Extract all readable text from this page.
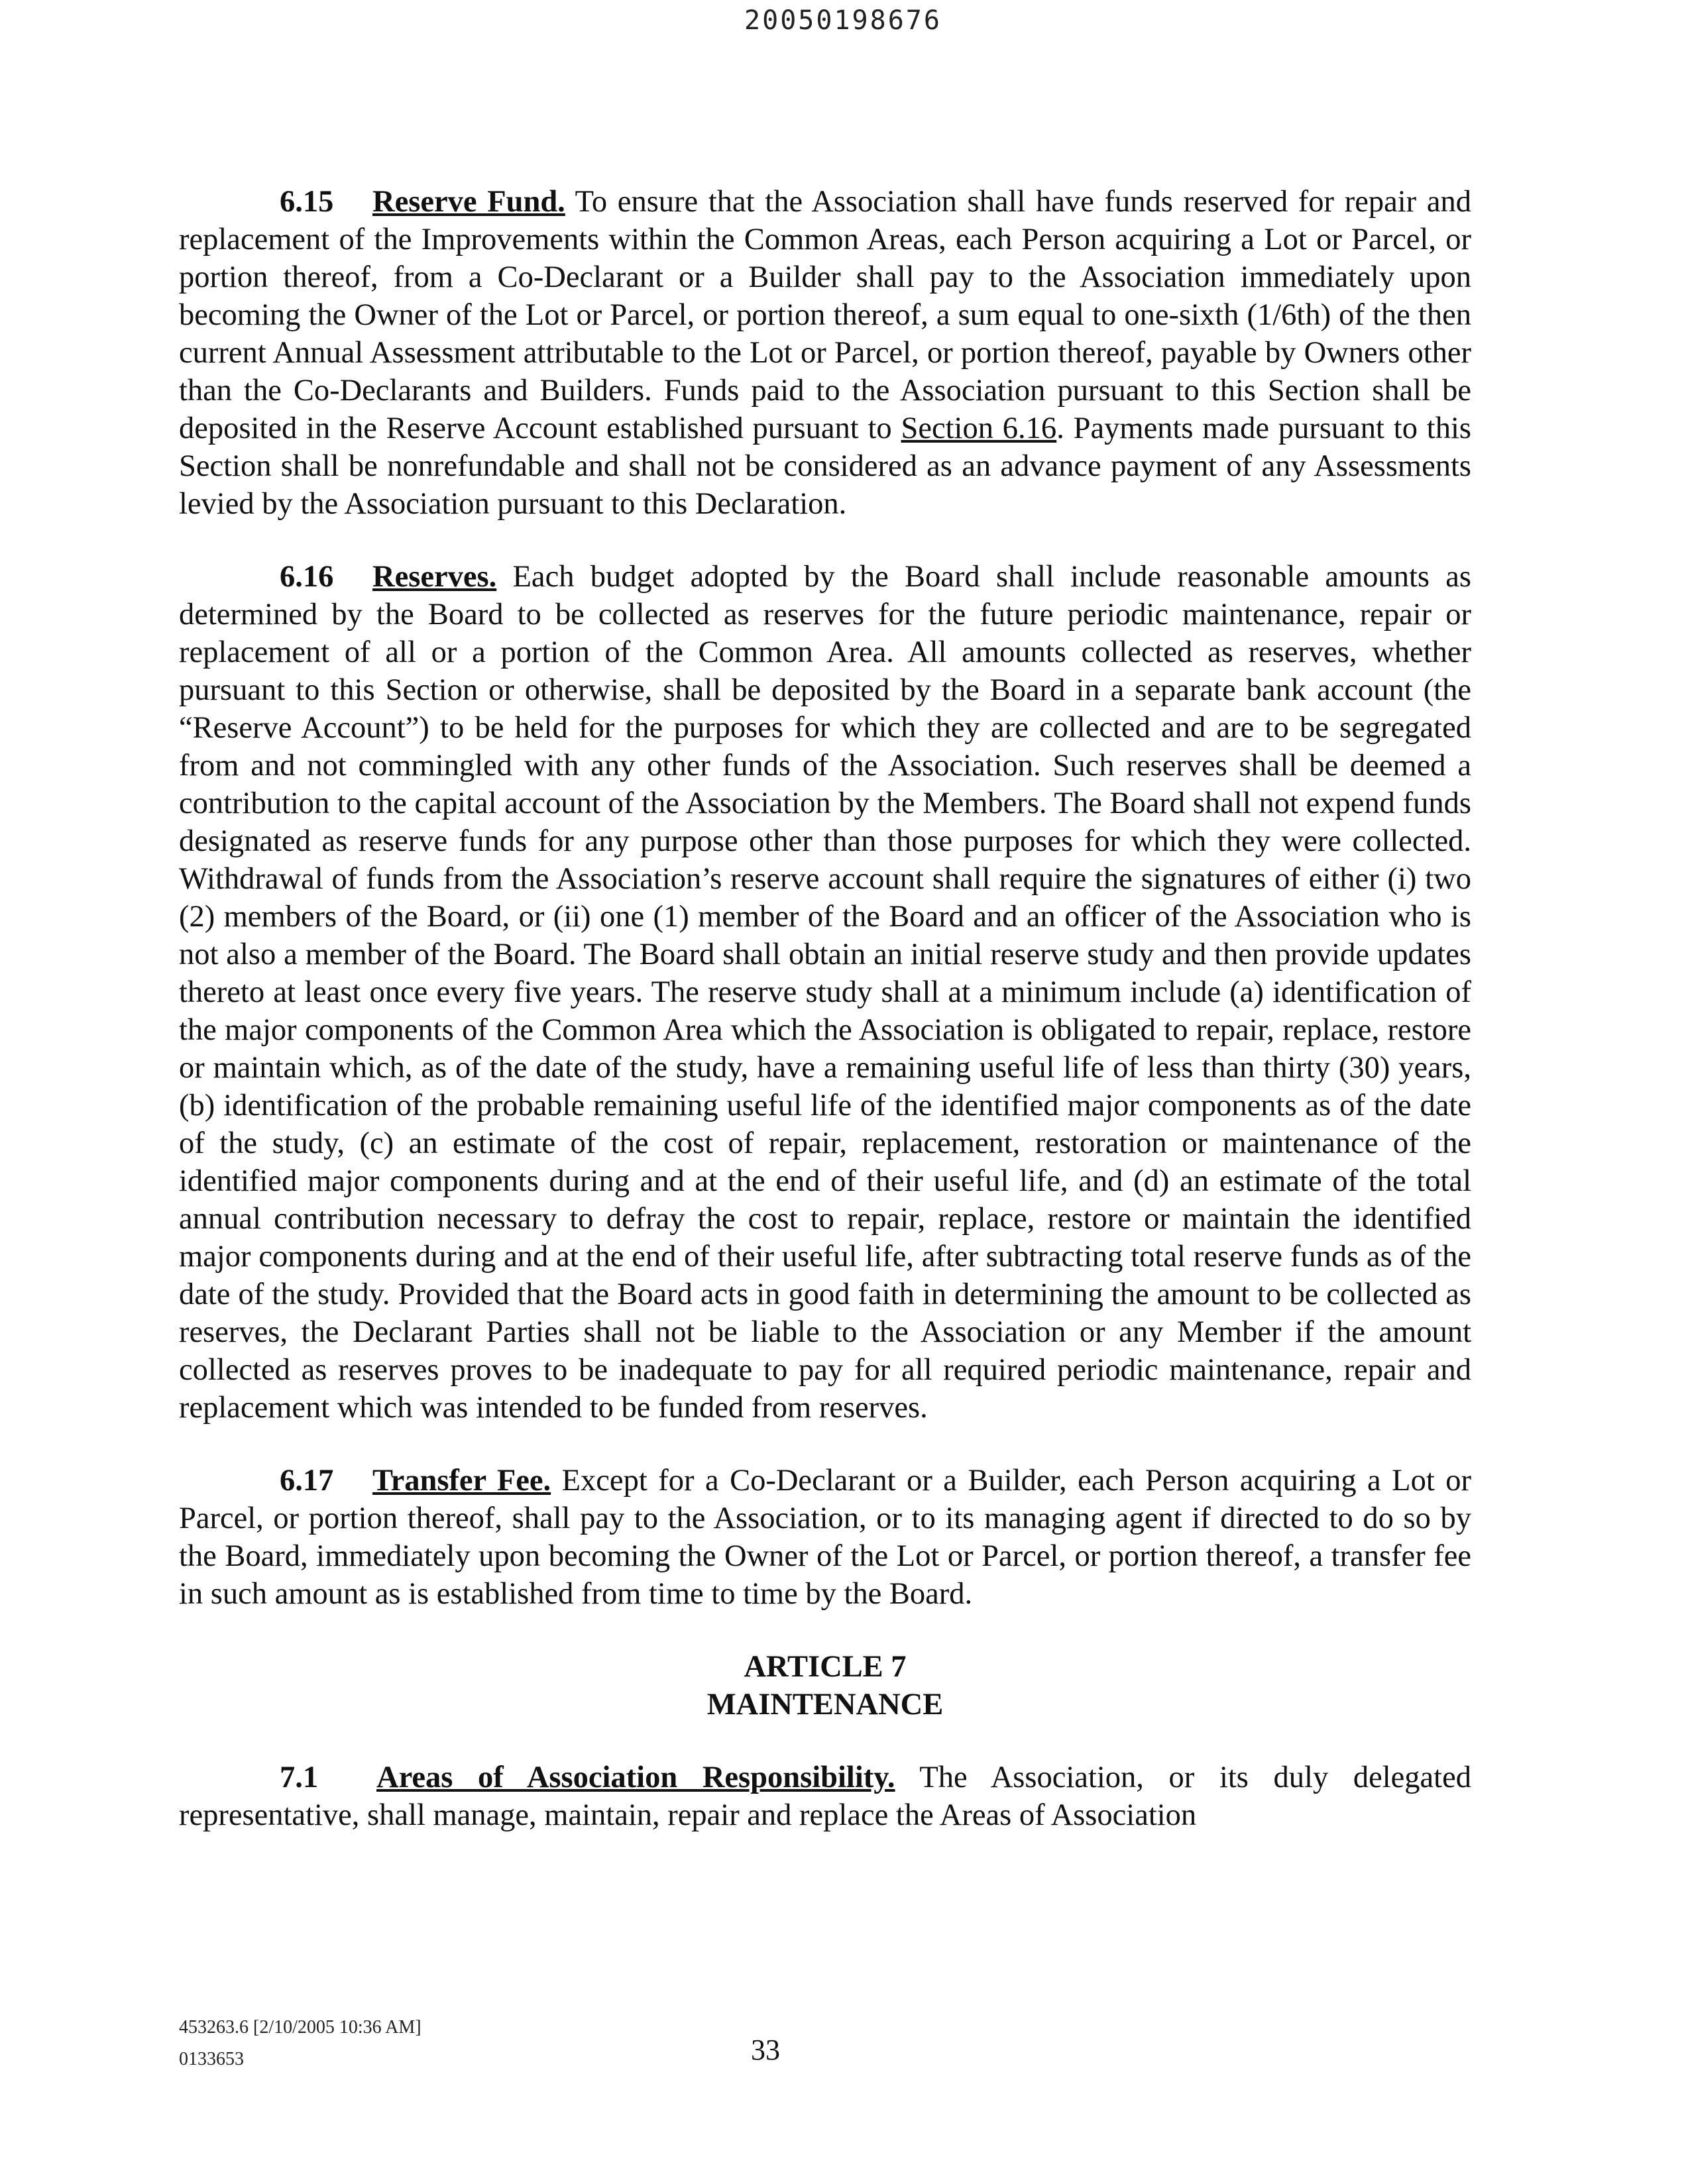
20050198676

6.15 Reserve Fund. To ensure that the Association shall have funds reserved for repair and replacement of the Improvements within the Common Areas, each Person acquiring a Lot or Parcel, or portion thereof, from a Co-Declarant or a Builder shall pay to the Association immediately upon becoming the Owner of the Lot or Parcel, or portion thereof, a sum equal to one-sixth (1/6th) of the then current Annual Assessment attributable to the Lot or Parcel, or portion thereof, payable by Owners other than the Co-Declarants and Builders. Funds paid to the Association pursuant to this Section shall be deposited in the Reserve Account established pursuant to Section 6.16. Payments made pursuant to this Section shall be nonrefundable and shall not be considered as an advance payment of any Assessments levied by the Association pursuant to this Declaration.

6.16 Reserves. Each budget adopted by the Board shall include reasonable amounts as determined by the Board to be collected as reserves for the future periodic maintenance, repair or replacement of all or a portion of the Common Area. All amounts collected as reserves, whether pursuant to this Section or otherwise, shall be deposited by the Board in a separate bank account (the “Reserve Account”) to be held for the purposes for which they are collected and are to be segregated from and not commingled with any other funds of the Association. Such reserves shall be deemed a contribution to the capital account of the Association by the Members. The Board shall not expend funds designated as reserve funds for any purpose other than those purposes for which they were collected. Withdrawal of funds from the Association’s reserve account shall require the signatures of either (i) two (2) members of the Board, or (ii) one (1) member of the Board and an officer of the Association who is not also a member of the Board. The Board shall obtain an initial reserve study and then provide updates thereto at least once every five years. The reserve study shall at a minimum include (a) identification of the major components of the Common Area which the Association is obligated to repair, replace, restore or maintain which, as of the date of the study, have a remaining useful life of less than thirty (30) years, (b) identification of the probable remaining useful life of the identified major components as of the date of the study, (c) an estimate of the cost of repair, replacement, restoration or maintenance of the identified major components during and at the end of their useful life, and (d) an estimate of the total annual contribution necessary to defray the cost to repair, replace, restore or maintain the identified major components during and at the end of their useful life, after subtracting total reserve funds as of the date of the study. Provided that the Board acts in good faith in determining the amount to be collected as reserves, the Declarant Parties shall not be liable to the Association or any Member if the amount collected as reserves proves to be inadequate to pay for all required periodic maintenance, repair and replacement which was intended to be funded from reserves.

6.17 Transfer Fee. Except for a Co-Declarant or a Builder, each Person acquiring a Lot or Parcel, or portion thereof, shall pay to the Association, or to its managing agent if directed to do so by the Board, immediately upon becoming the Owner of the Lot or Parcel, or portion thereof, a transfer fee in such amount as is established from time to time by the Board.

ARTICLE 7
MAINTENANCE

7.1 Areas of Association Responsibility. The Association, or its duly delegated representative, shall manage, maintain, repair and replace the Areas of Association

453263.6 [2/10/2005 10:36 AM]
0133653	33
